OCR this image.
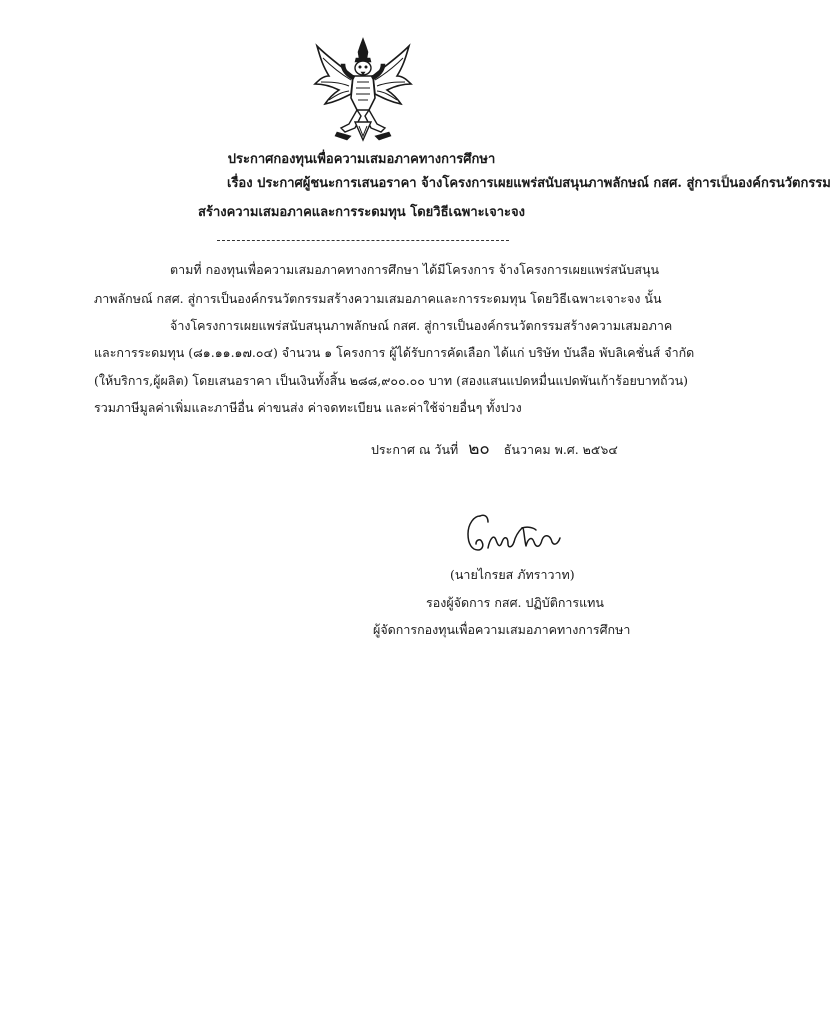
ประกาศกองทุนเพื่อความเสมอภาคทางการศึกษา
เรื่อง ประกาศผู้ชนะการเสนอราคา จ้างโครงการเผยแพร่สนับสนุนภาพลักษณ์ กสศ. สู่การเป็นองค์กรนวัตกรรม
สร้างความเสมอภาคและการระดมทุน โดยวิธีเฉพาะเจาะจง
ตามที่ กองทุนเพื่อความเสมอภาคทางการศึกษา ได้มีโครงการ จ้างโครงการเผยแพร่สนับสนุน
ภาพลักษณ์ กสศ. สู่การเป็นองค์กรนวัตกรรมสร้างความเสมอภาคและการระดมทุน โดยวิธีเฉพาะเจาะจง นั้น
จ้างโครงการเผยแพร่สนับสนุนภาพลักษณ์ กสศ. สู่การเป็นองค์กรนวัตกรรมสร้างความเสมอภาค
และการระดมทุน (๘๑.๑๑.๑๗.๐๔) จำนวน ๑ โครงการ ผู้ได้รับการคัดเลือก ได้แก่ บริษัท บันลือ พับลิเคชั่นส์ จำกัด
(ให้บริการ,ผู้ผลิต) โดยเสนอราคา เป็นเงินทั้งสิ้น ๒๘๘,๙๐๐.๐๐ บาท (สองแสนแปดหมื่นแปดพันเก้าร้อยบาทถ้วน)
รวมภาษีมูลค่าเพิ่มและภาษีอื่น ค่าขนส่ง ค่าจดทะเบียน และค่าใช้จ่ายอื่นๆ ทั้งปวง
ประกาศ ณ วันที่ ๒๐ ธันวาคม พ.ศ. ๒๕๖๔
(นายไกรยส ภัทราวาท)
รองผู้จัดการ กสศ. ปฏิบัติการแทน
ผู้จัดการกองทุนเพื่อความเสมอภาคทางการศึกษา
